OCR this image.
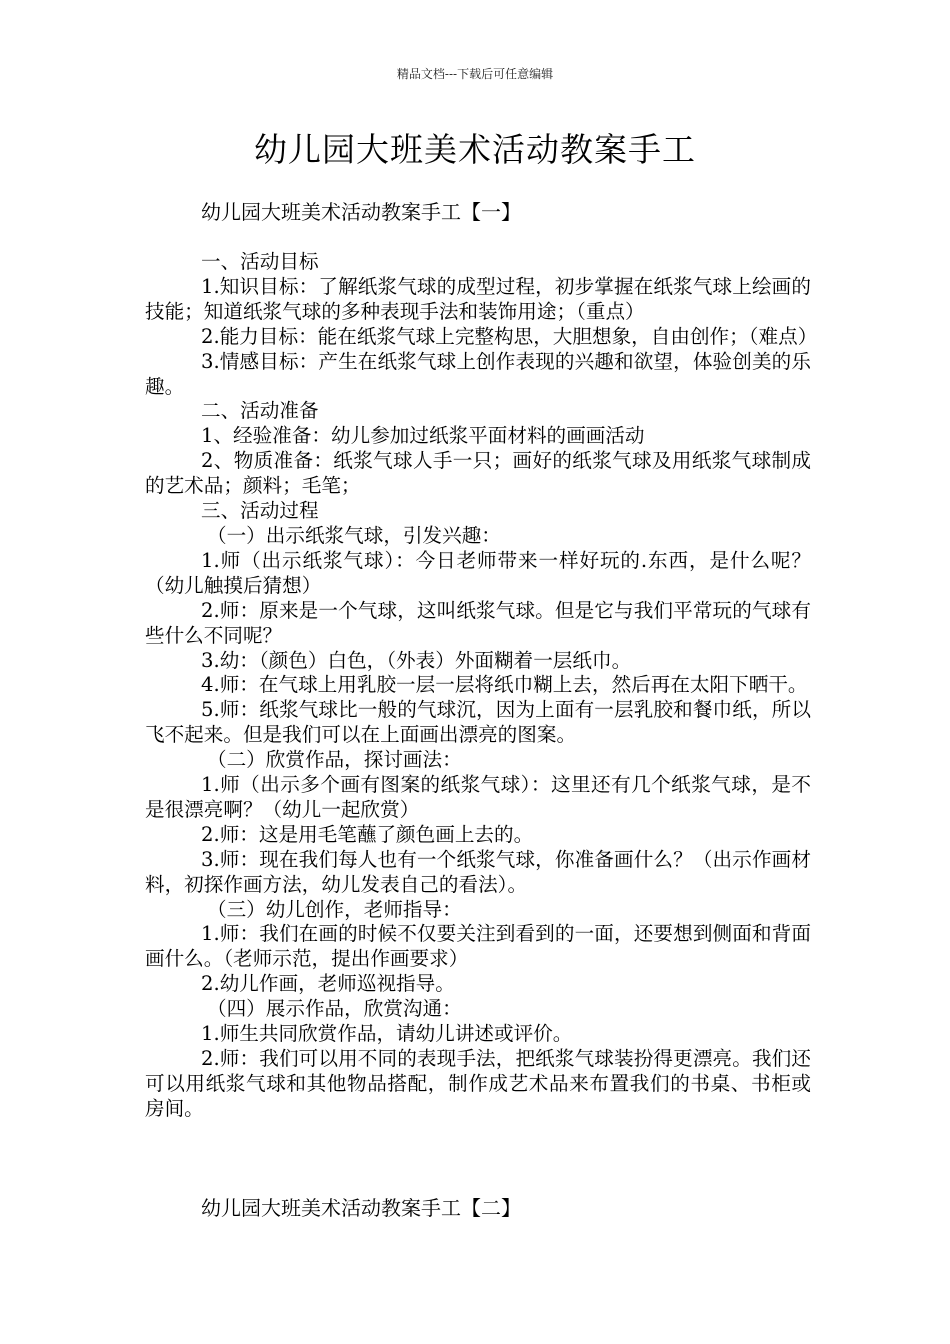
精品文档---下载后可任意编辑
幼儿园大班美术活动教案手工
幼儿园大班美术活动教案手工【一】

一、活动目标

1.知识目标：了解纸浆气球的成型过程，初步掌握在纸浆气球上绘画的技能；知道纸浆气球的多种表现手法和装饰用途；（重点）

2.能力目标：能在纸浆气球上完整构思，大胆想象，自由创作；（难点）

3.情感目标：产生在纸浆气球上创作表现的兴趣和欲望，体验创美的乐趣。

二、活动准备

1、经验准备：幼儿参加过纸浆平面材料的画画活动

2、物质准备：纸浆气球人手一只；画好的纸浆气球及用纸浆气球制成的艺术品；颜料；毛笔；

三、活动过程

（一）出示纸浆气球，引发兴趣：

1.师（出示纸浆气球）：今日老师带来一样好玩的.东西，是什么呢？（幼儿触摸后猜想）

2.师：原来是一个气球，这叫纸浆气球。但是它与我们平常玩的气球有些什么不同呢？

3.幼：（颜色）白色，（外表）外面糊着一层纸巾。

4.师：在气球上用乳胶一层一层将纸巾糊上去，然后再在太阳下晒干。

5.师：纸浆气球比一般的气球沉，因为上面有一层乳胶和餐巾纸，所以飞不起来。但是我们可以在上面画出漂亮的图案。

（二）欣赏作品，探讨画法：

1.师（出示多个画有图案的纸浆气球）：这里还有几个纸浆气球，是不是很漂亮啊？（幼儿一起欣赏）

2.师：这是用毛笔蘸了颜色画上去的。

3.师：现在我们每人也有一个纸浆气球，你准备画什么？（出示作画材料，初探作画方法，幼儿发表自己的看法）。

（三）幼儿创作，老师指导：

1.师：我们在画的时候不仅要关注到看到的一面，还要想到侧面和背面画什么。（老师示范，提出作画要求）

2.幼儿作画，老师巡视指导。

（四）展示作品，欣赏沟通：

1.师生共同欣赏作品，请幼儿讲述或评价。

2.师：我们可以用不同的表现手法，把纸浆气球装扮得更漂亮。我们还可以用纸浆气球和其他物品搭配，制作成艺术品来布置我们的书桌、书柜或房间。

幼儿园大班美术活动教案手工【二】
